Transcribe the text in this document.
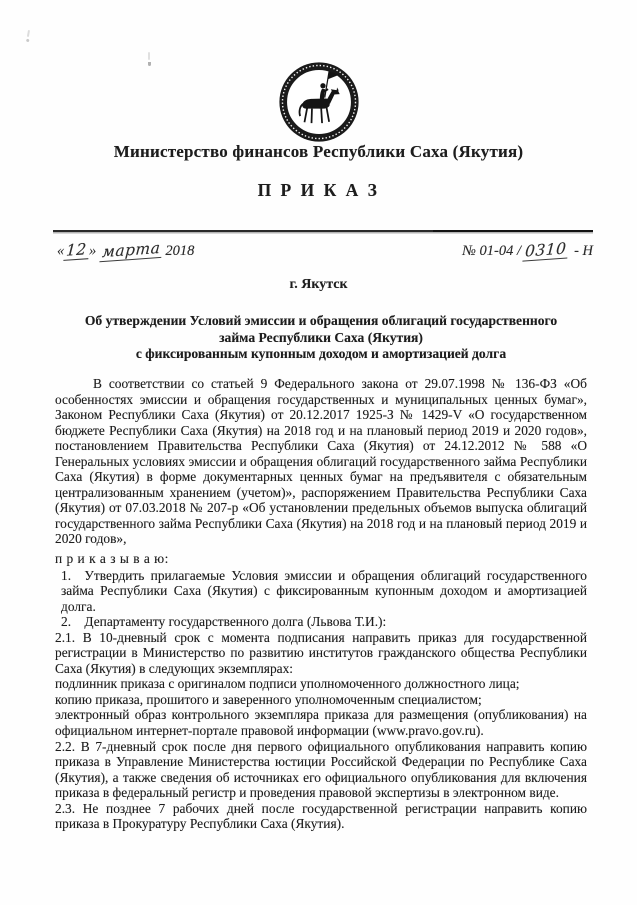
Министерство финансов Республики Саха (Якутия)
П Р И К А З
«12» марта 2018	№ 01-04 / 0310 - Н
г. Якутск
Об утверждении Условий эмиссии и обращения облигаций государственного
займа Республики Саха (Якутия)
с фиксированным купонным доходом и амортизацией долга

В соответствии со статьей 9 Федерального закона от 29.07.1998 № 136-ФЗ «Об особенностях эмиссии и обращения государственных и муниципальных ценных бумаг», Законом Республики Саха (Якутия) от 20.12.2017 1925-З № 1429-V «О государственном бюджете Республики Саха (Якутия) на 2018 год и на плановый период 2019 и 2020 годов», постановлением Правительства Республики Саха (Якутия) от 24.12.2012 № 588 «О Генеральных условиях эмиссии и обращения облигаций государственного займа Республики Саха (Якутия) в форме документарных ценных бумаг на предъявителя с обязательным централизованным хранением (учетом)», распоряжением Правительства Республики Саха (Якутия) от 07.03.2018 № 207-р «Об установлении предельных объемов выпуска облигаций государственного займа Республики Саха (Якутия) на 2018 год и на плановый период 2019 и 2020 годов»,

п р и к а з ы в а ю:

1. Утвердить прилагаемые Условия эмиссии и обращения облигаций государственного займа Республики Саха (Якутия) с фиксированным купонным доходом и амортизацией долга.

2. Департаменту государственного долга (Львова Т.И.):

2.1. В 10-дневный срок с момента подписания направить приказ для государственной регистрации в Министерство по развитию институтов гражданского общества Республики Саха (Якутия) в следующих экземплярах:

подлинник приказа с оригиналом подписи уполномоченного должностного лица;

копию приказа, прошитого и заверенного уполномоченным специалистом;

электронный образ контрольного экземпляра приказа для размещения (опубликования) на официальном интернет-портале правовой информации (www.pravo.gov.ru).

2.2. В 7-дневный срок после дня первого официального опубликования направить копию приказа в Управление Министерства юстиции Российской Федерации по Республике Саха (Якутия), а также сведения об источниках его официального опубликования для включения приказа в федеральный регистр и проведения правовой экспертизы в электронном виде.

2.3. Не позднее 7 рабочих дней после государственной регистрации направить копию приказа в Прокуратуру Республики Саха (Якутия).
